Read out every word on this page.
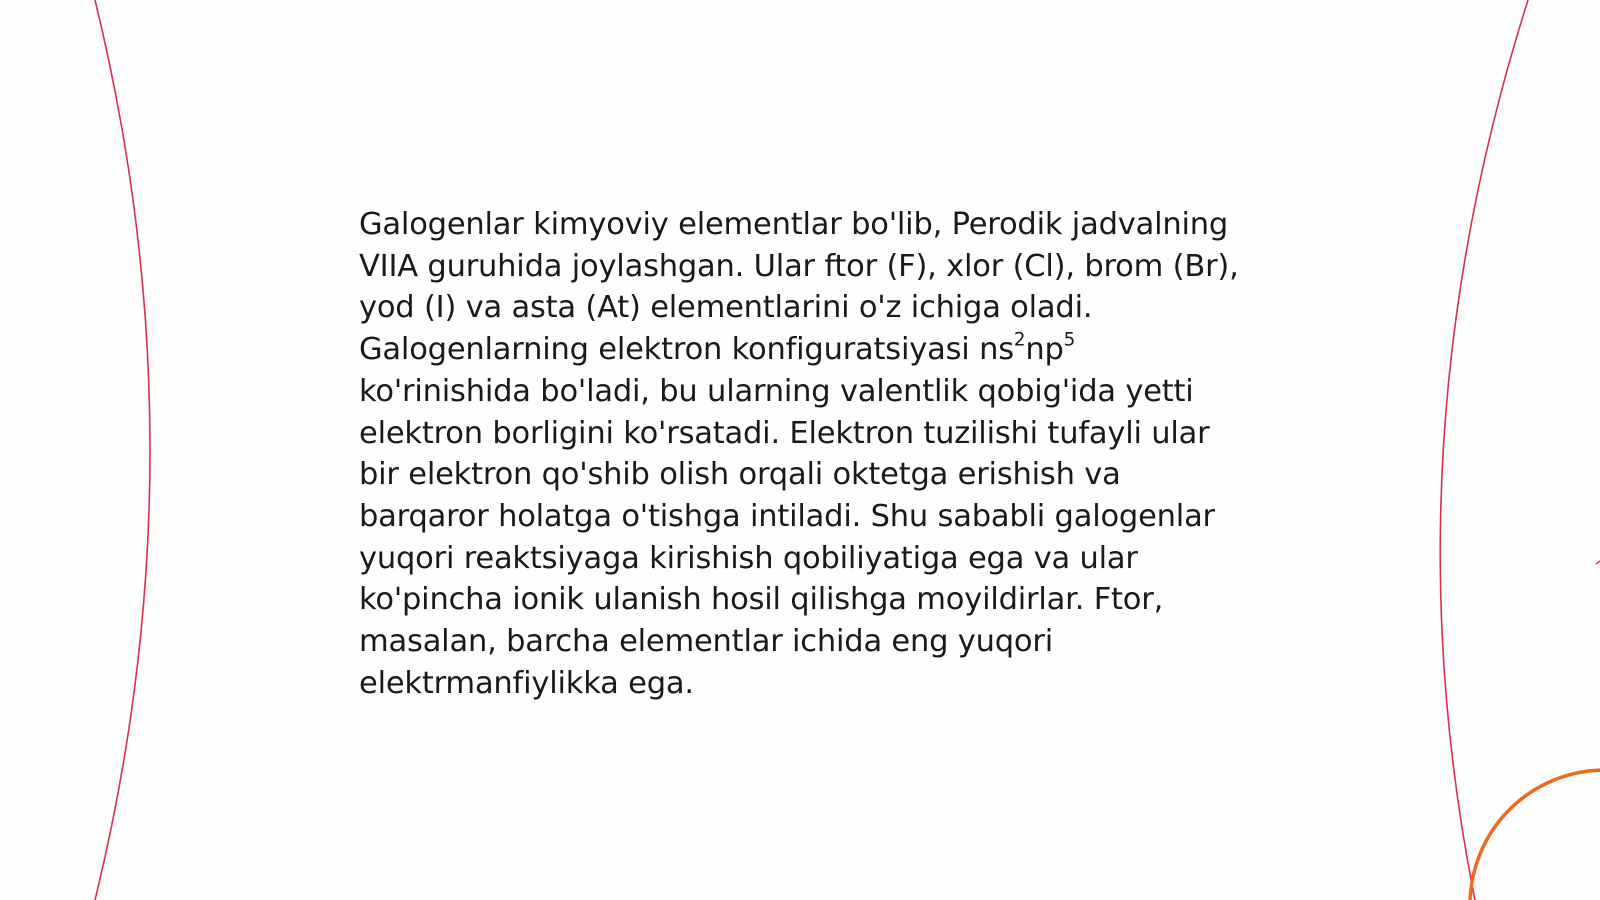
Galogenlar kimyoviy elementlar bo'lib, Perodik jadvalning VIIA guruhida joylashgan. Ular ftor (F), xlor (Cl), brom (Br), yod (I) va asta (At) elementlarini o'z ichiga oladi. Galogenlarning elektron konfiguratsiyasi $ns^2np^5$ ko'rinishida bo'ladi, bu ularning valentlik qobig'ida yetti elektron borligini ko'rsatadi. Elektron tuzilishi tufayli ular bir elektron qo'shib olish orqali oktetga erishish va barqaror holatga o'tishga intiladi. Shu sababli galogenlar yuqori reaktsiyaga kirishish qobiliyatiga ega va ular ko'pincha ionik ulanish hosil qilishga moyildirlar. Ftor, masalan, barcha elementlar ichida eng yuqori elektrmanfiylikka ega.
